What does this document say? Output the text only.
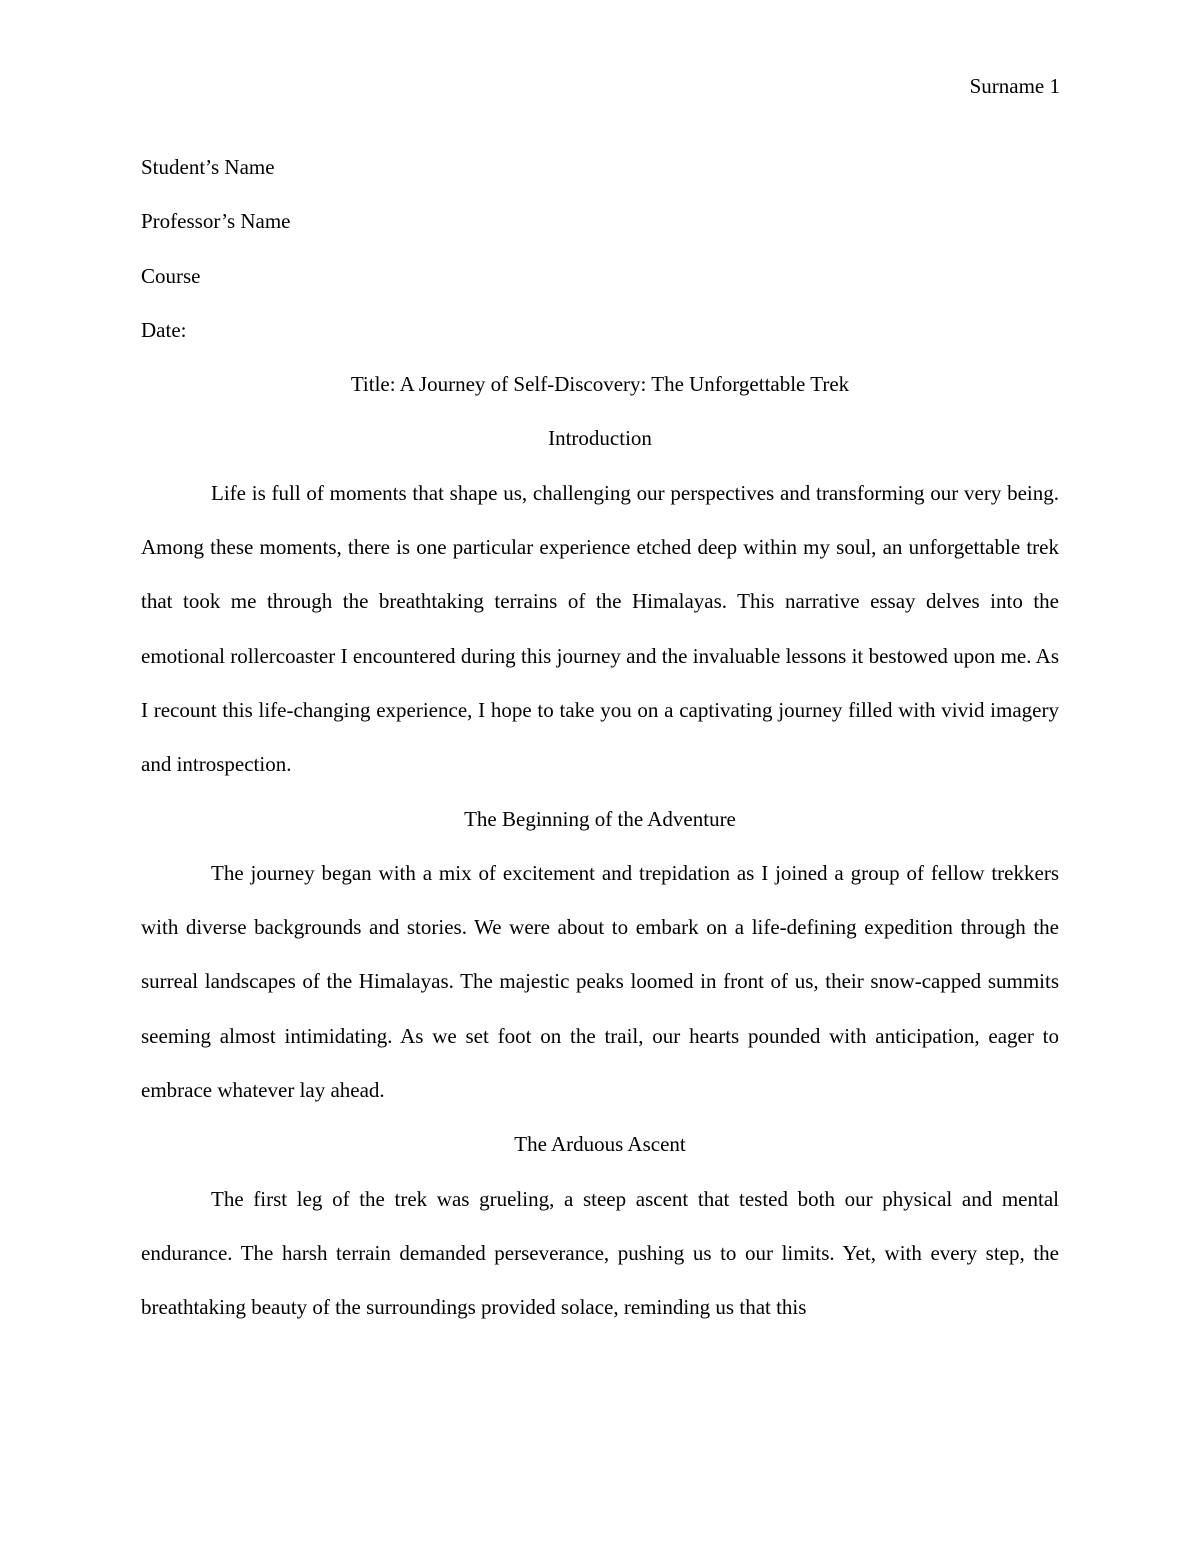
Surname 1

Student’s Name

Professor’s Name

Course

Date:

Title: A Journey of Self-Discovery: The Unforgettable Trek

Introduction

Life is full of moments that shape us, challenging our perspectives and transforming our very being. Among these moments, there is one particular experience etched deep within my soul, an unforgettable trek that took me through the breathtaking terrains of the Himalayas. This narrative essay delves into the emotional rollercoaster I encountered during this journey and the invaluable lessons it bestowed upon me. As I recount this life-changing experience, I hope to take you on a captivating journey filled with vivid imagery and introspection.

The Beginning of the Adventure

The journey began with a mix of excitement and trepidation as I joined a group of fellow trekkers with diverse backgrounds and stories. We were about to embark on a life-defining expedition through the surreal landscapes of the Himalayas. The majestic peaks loomed in front of us, their snow-capped summits seeming almost intimidating. As we set foot on the trail, our hearts pounded with anticipation, eager to embrace whatever lay ahead.

The Arduous Ascent

The first leg of the trek was grueling, a steep ascent that tested both our physical and mental endurance. The harsh terrain demanded perseverance, pushing us to our limits. Yet, with every step, the breathtaking beauty of the surroundings provided solace, reminding us that this
